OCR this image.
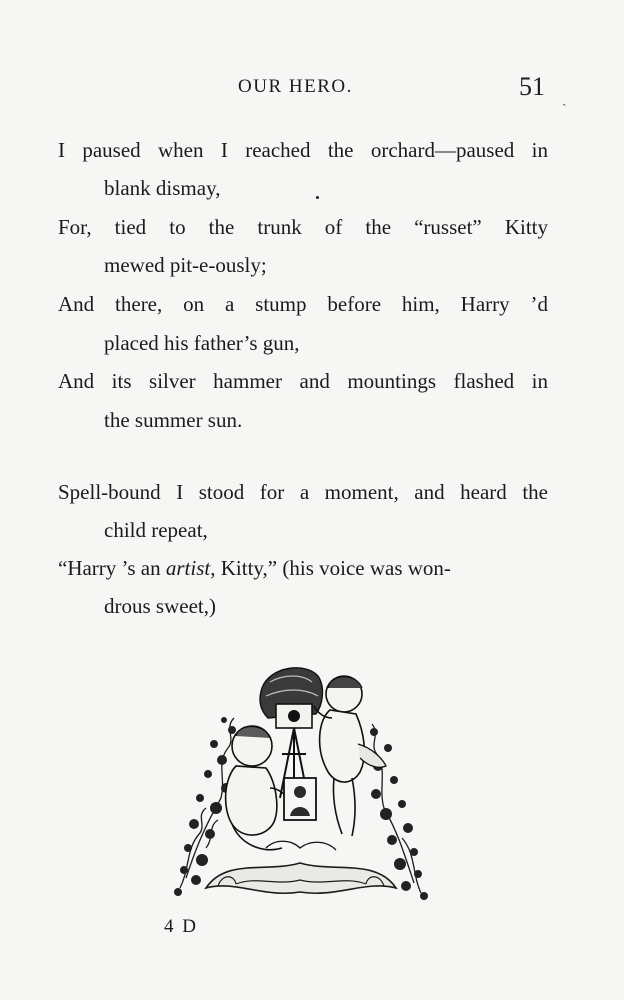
OUR HERO.	51 ˎ
I paused when I reached the orchard—paused in
blank dismay,
For, tied to the trunk of the “russet” Kitty
mewed pit-e-ously;
And there, on a stump before him, Harry ’d
placed his father’s gun,
And its silver hammer and mountings flashed in
the summer sun.
Spell-bound I stood for a moment, and heard the
child repeat,
“Harry ’s an artist, Kitty,” (his voice was won-
drous sweet,)
4 D
